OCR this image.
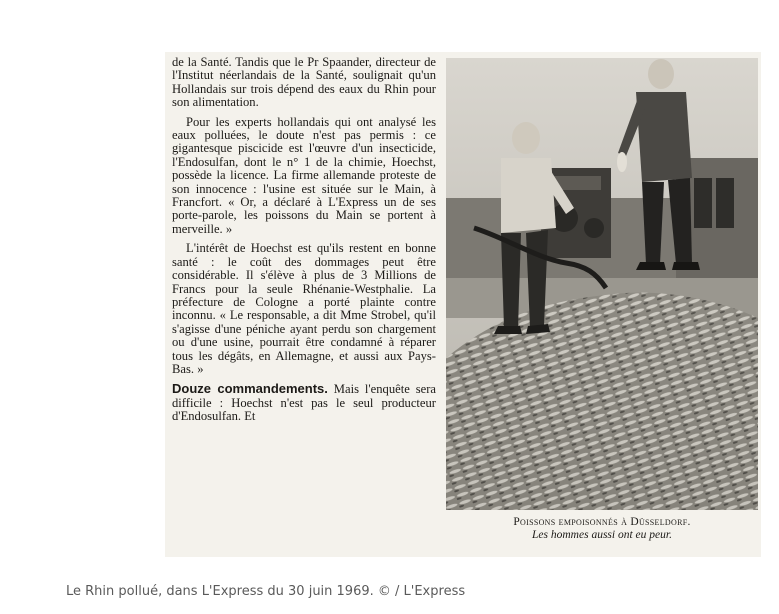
de la Santé. Tandis que le Pr Spaander, directeur de l'Institut néerlandais de la Santé, soulignait qu'un Hollandais sur trois dépend des eaux du Rhin pour son alimentation.

Pour les experts hollandais qui ont analysé les eaux polluées, le doute n'est pas permis : ce gigantesque piscicide est l'œuvre d'un insecticide, l'Endosulfan, dont le n° 1 de la chimie, Hoechst, possède la licence. La firme allemande proteste de son innocence : l'usine est située sur le Main, à Francfort. « Or, a déclaré à L'Express un de ses porte-parole, les poissons du Main se portent à merveille. »

L'intérêt de Hoechst est qu'ils restent en bonne santé : le coût des dommages peut être considérable. Il s'élève à plus de 3 Millions de Francs pour la seule Rhénanie-Westphalie. La préfecture de Cologne a porté plainte contre inconnu. « Le responsable, a dit Mme Strobel, qu'il s'agisse d'une péniche ayant perdu son chargement ou d'une usine, pourrait être condamné à réparer tous les dégâts, en Allemagne, et aussi aux Pays-Bas. »

Douze commandements. Mais l'enquête sera difficile : Hoechst n'est pas le seul producteur d'Endosulfan. Et

Poissons empoisonnés à Düsseldorf.
Les hommes aussi ont eu peur.
Le Rhin pollué, dans L'Express du 30 juin 1969. © / L'Express
